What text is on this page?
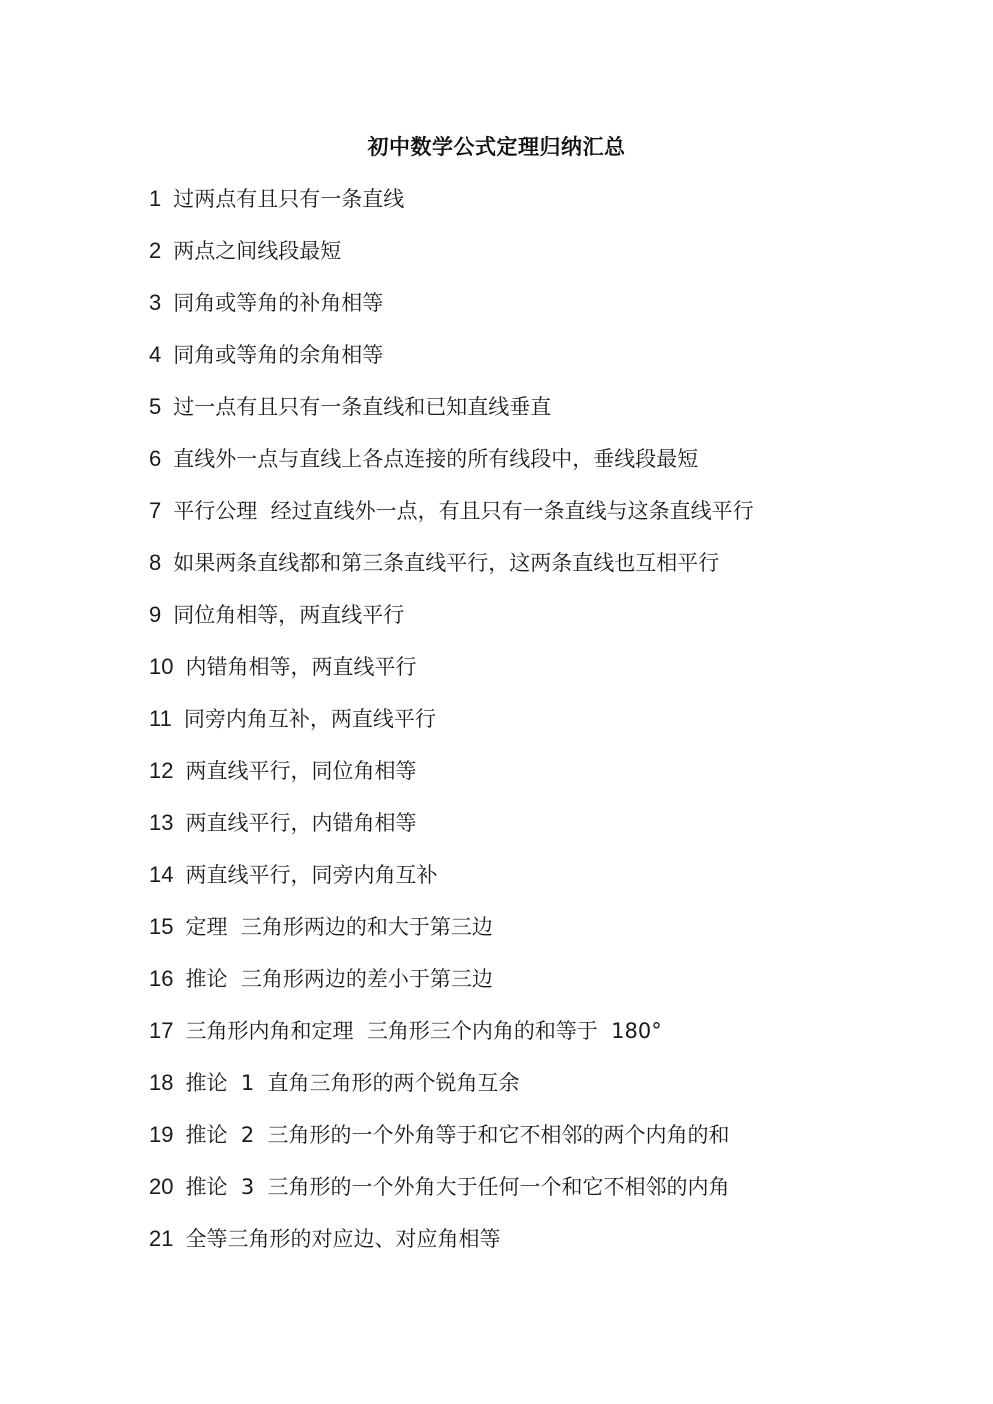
初中数学公式定理归纳汇总
1 过两点有且只有一条直线
2 两点之间线段最短
3 同角或等角的补角相等
4 同角或等角的余角相等
5 过一点有且只有一条直线和已知直线垂直
6 直线外一点与直线上各点连接的所有线段中，垂线段最短
7 平行公理  经过直线外一点，有且只有一条直线与这条直线平行
8 如果两条直线都和第三条直线平行，这两条直线也互相平行
9 同位角相等，两直线平行
10 内错角相等，两直线平行
11 同旁内角互补，两直线平行
12 两直线平行，同位角相等
13 两直线平行，内错角相等
14 两直线平行，同旁内角互补
15 定理  三角形两边的和大于第三边
16 推论  三角形两边的差小于第三边
17 三角形内角和定理  三角形三个内角的和等于  180°
18 推论  1  直角三角形的两个锐角互余
19 推论  2  三角形的一个外角等于和它不相邻的两个内角的和
20 推论  3  三角形的一个外角大于任何一个和它不相邻的内角
21 全等三角形的对应边、对应角相等
